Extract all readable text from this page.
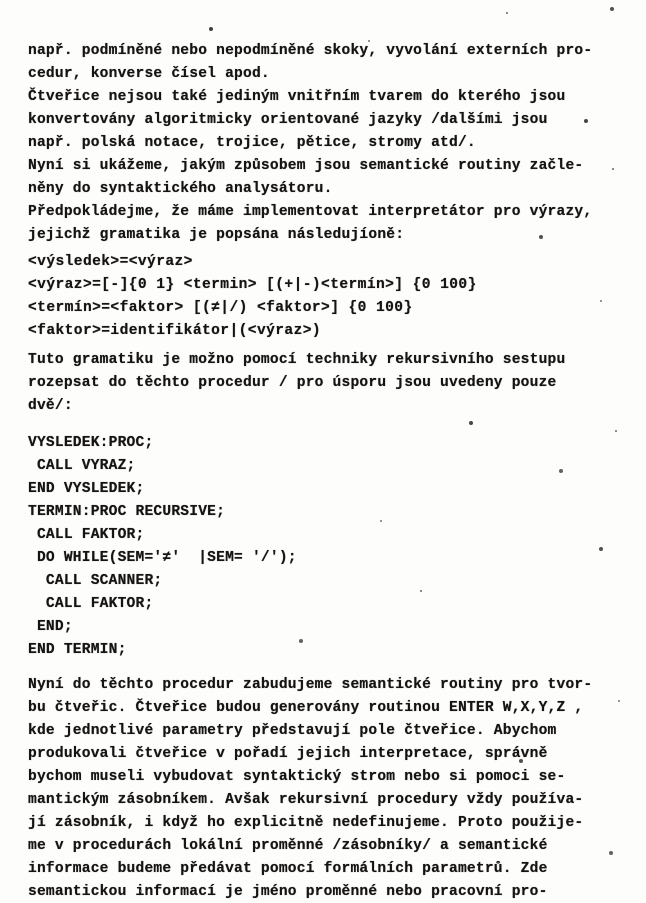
např. podmíněné nebo nepodmíněné skoky, vyvolání externích pro-
cedur, konverse čísel apod.
Čtveřice nejsou také jediným vnitřním tvarem do kterého jsou
konvertovány algoritmicky orientované jazyky /dalšími jsou
např. polská notace, trojice, pětice, stromy atd/.
Nyní si ukážeme, jakým způsobem jsou semantické routiny začle-
něny do syntaktického analysátoru.
Předpokládejme, že máme implementovat interpretátor pro výrazy,
jejichž gramatika je popsána následujíoně:
<výsledek>=<výraz>
<výraz>=[-]{0 1} <termin> [(+|-)<termín>] {0 100}
<termín>=<faktor> [(≠|/) <faktor>] {0 100}
<faktor>=identifikátor|(<výraz>)
Tuto gramatiku je možno pomocí techniky rekursivního sestupu
rozepsat do těchto procedur / pro úsporu jsou uvedeny pouze
dvě/:
VYSLEDEK:PROC;
CALL VYRAZ;
END VYSLEDEK;
TERMIN:PROC RECURSIVE;
CALL FAKTOR;
DO WHILE(SEM='≠'  |SEM= '/');
CALL SCANNER;
CALL FAKTOR;
END;
END TERMIN;
Nyní do těchto procedur zabudujeme semantické routiny pro tvor-
bu čtveřic. Čtveřice budou generovány routinou ENTER W,X,Y,Z ,
kde jednotlivé parametry představují pole čtveřice. Abychom
produkovali čtveřice v pořadí jejich interpretace, správně
bychom museli vybudovat syntaktický strom nebo si pomoci se-
mantickým zásobníkem. Avšak rekursivní procedury vždy používa-
jí zásobník, i když ho explicitně nedefinujeme. Proto použije-
me v procedurách lokální proměnné /zásobníky/ a semantické
informace budeme předávat pomocí formálních parametrů. Zde
semantickou informací je jméno proměnné nebo pracovní pro-
